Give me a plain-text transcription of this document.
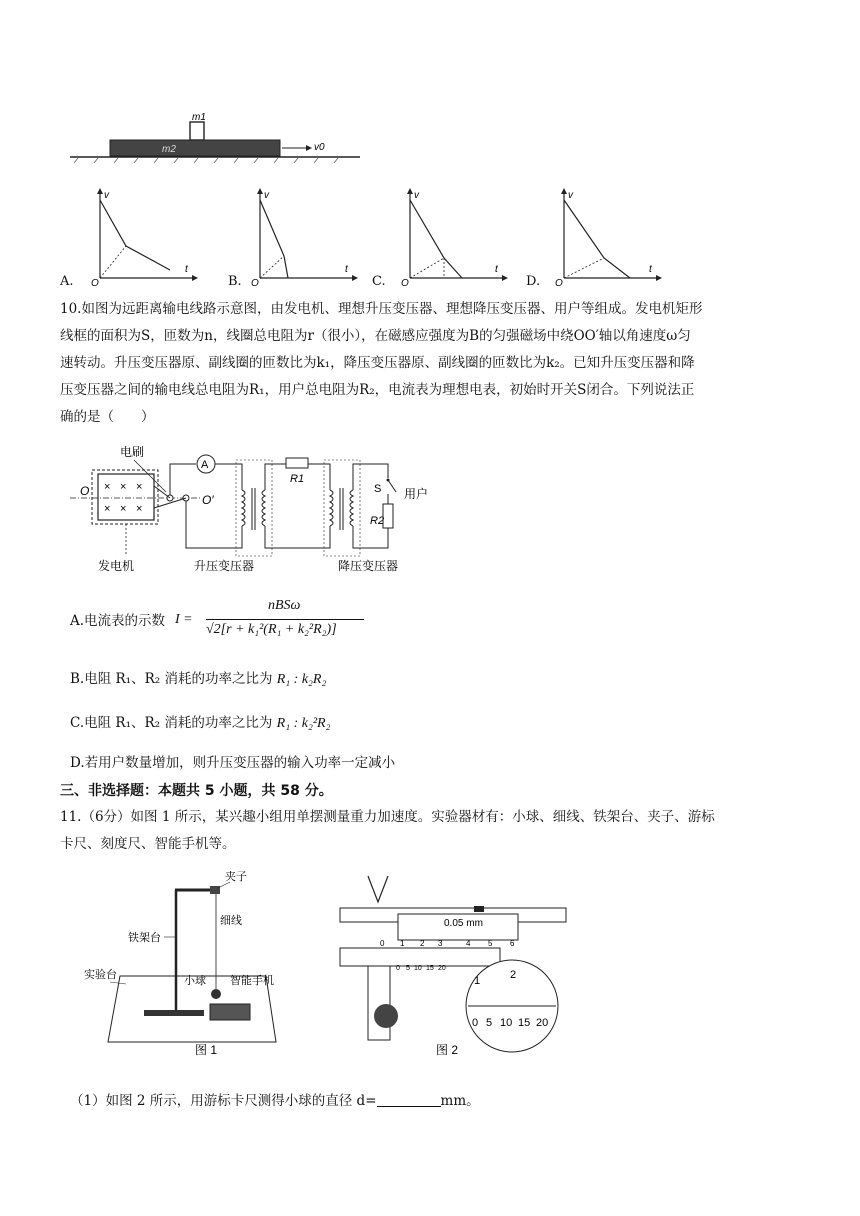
m1
m2	v0
A.
v
t
O	B.
v
t
O	C.
v
t
O	D.
v
t
O
10.如图为远距离输电线路示意图，由发电机、理想升压变压器、理想降压变压器、用户等组成。发电机矩形
线框的面积为S，匝数为n，线圈总电阻为r（很小），在磁感应强度为B的匀强磁场中绕OO′轴以角速度ω匀
速转动。升压变压器原、副线圈的匝数比为k₁，降压变压器原、副线圈的匝数比为k₂。已知升压变压器和降
压变压器之间的输电线总电阻为R₁，用户总电阻为R₂，电流表为理想电表，初始时开关S闭合。下列说法正
确的是（　　）
电刷
× × ×
× × ×
O
O′
发电机
A
升压变压器
R1
降压变压器
S
R2
用户
A.电流表的示数 I =
nBSω
√2[r + k₁²(R₁ + k₂²R₂)]
B.电阻 R₁、R₂ 消耗的功率之比为 R₁ : k₂R₂
C.电阻 R₁、R₂ 消耗的功率之比为 R₁ : k₂²R₂
D.若用户数量增加，则升压变压器的输入功率一定减小
三、非选择题：本题共 5 小题，共 58 分。
11.（6分）如图 1 所示，某兴趣小组用单摆测量重力加速度。实验器材有：小球、细线、铁架台、夹子、游标
卡尺、刻度尺、智能手机等。
夹子
铁架台
细线
小球
实验台	智能手机
图 1
0.05 mm
0 1 2 3	4 5 6
0 5 10 15 20
1	2
0 5 10 15 20
图 2
（1）如图 2 所示，用游标卡尺测得小球的直径 d=	mm。
